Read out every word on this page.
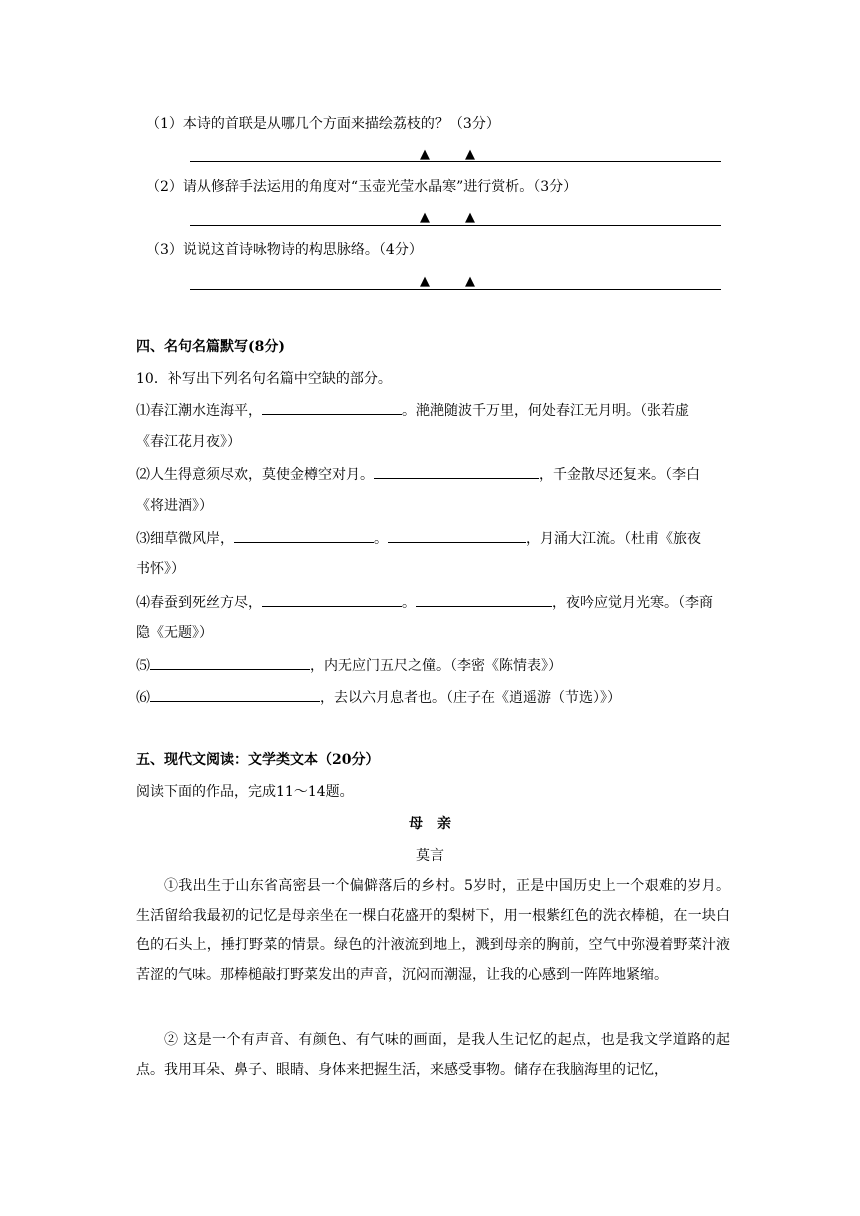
（1）本诗的首联是从哪几个方面来描绘荔枝的？（3分）
▲	▲
（2）请从修辞手法运用的角度对“玉壶光莹水晶寒”进行赏析。（3分）
▲	▲
（3）说说这首诗咏物诗的构思脉络。（4分）
▲	▲
四、名句名篇默写(8分)
10．补写出下列名句名篇中空缺的部分。
⑴春江潮水连海平，	。滟滟随波千万里，何处春江无月明。（张若虚
《春江花月夜》）
⑵人生得意须尽欢，莫使金樽空对月。	，千金散尽还复来。（李白
《将进酒》）
⑶细草微风岸，	。	，月涌大江流。（杜甫《旅夜
书怀》）
⑷春蚕到死丝方尽，	。	，夜吟应觉月光寒。（李商
隐《无题》）
⑸	，内无应门五尺之僮。（李密《陈情表》）
⑹	，去以六月息者也。（庄子在《逍遥游（节选）》）
五、现代文阅读：文学类文本（20分）
阅读下面的作品，完成11～14题。
母　亲
莫言
①我出生于山东省高密县一个偏僻落后的乡村。5岁时，正是中国历史上一个艰难的岁月。生活留给我最初的记忆是母亲坐在一棵白花盛开的梨树下，用一根紫红色的洗衣棒槌，在一块白色的石头上，捶打野菜的情景。绿色的汁液流到地上，溅到母亲的胸前，空气中弥漫着野菜汁液苦涩的气味。那棒槌敲打野菜发出的声音，沉闷而潮湿，让我的心感到一阵阵地紧缩。
② 这是一个有声音、有颜色、有气味的画面，是我人生记忆的起点，也是我文学道路的起点。我用耳朵、鼻子、眼睛、身体来把握生活，来感受事物。储存在我脑海里的记忆，
